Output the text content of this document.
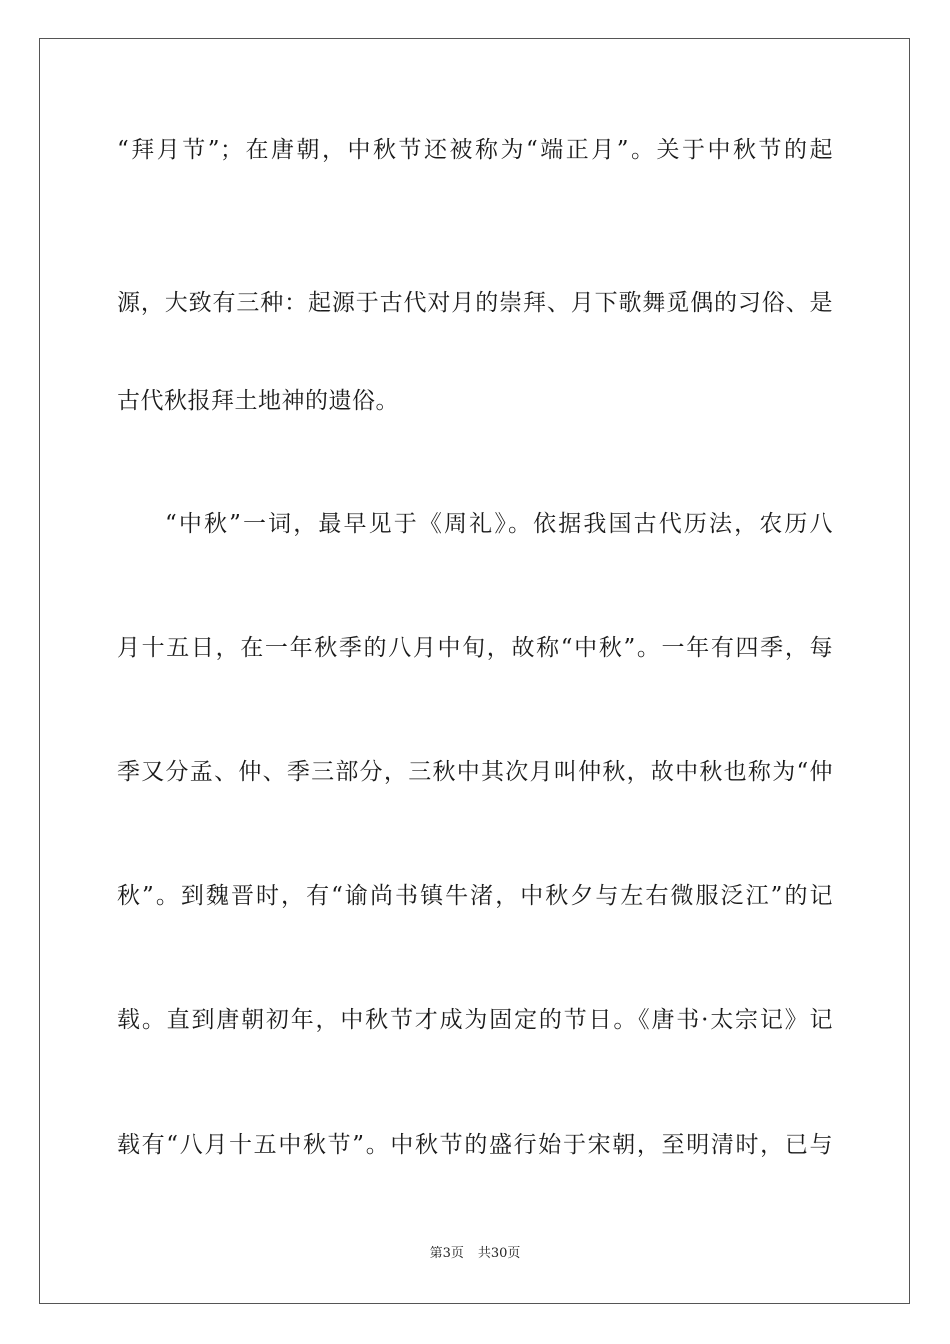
“拜月节”；在唐朝，中秋节还被称为“端正月”。关于中秋节的起
源，大致有三种：起源于古代对月的崇拜、月下歌舞觅偶的习俗、是
古代秋报拜土地神的遗俗。
“中秋”一词，最早见于《周礼》。依据我国古代历法，农历八
月十五日，在一年秋季的八月中旬，故称“中秋”。一年有四季，每
季又分孟、仲、季三部分，三秋中其次月叫仲秋，故中秋也称为“仲
秋”。到魏晋时，有“谕尚书镇牛渚，中秋夕与左右微服泛江”的记
载。直到唐朝初年，中秋节才成为固定的节日。《唐书·太宗记》记
载有“八月十五中秋节”。中秋节的盛行始于宋朝，至明清时，已与
第3页 共30页
